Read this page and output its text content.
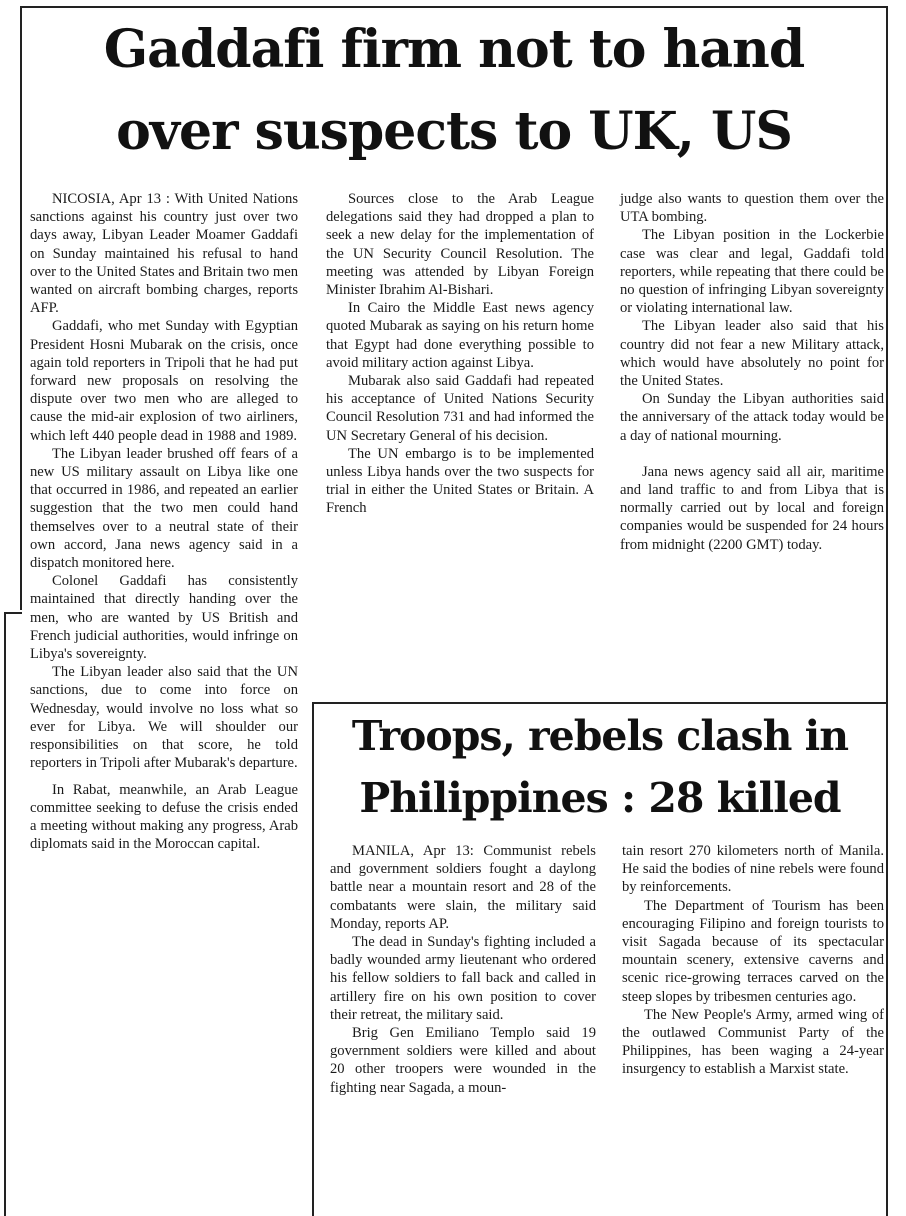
Gaddafi firm not to hand
over suspects to UK, US

NICOSIA, Apr 13 : With United Nations sanctions against his country just over two days away, Libyan Leader Moamer Gaddafi on Sunday maintained his refusal to hand over to the United States and Britain two men wanted on aircraft bombing charges, reports AFP.

Gaddafi, who met Sunday with Egyptian President Hosni Mubarak on the crisis, once again told reporters in Tripoli that he had put forward new proposals on resolving the dispute over two men who are alleged to cause the mid-air explosion of two airliners, which left 440 people dead in 1988 and 1989.

The Libyan leader brushed off fears of a new US military assault on Libya like one that occurred in 1986, and repeated an earlier suggestion that the two men could hand themselves over to a neutral state of their own accord, Jana news agency said in a dispatch monitored here.

Colonel Gaddafi has consistently maintained that directly handing over the men, who are wanted by US British and French judicial authorities, would infringe on Libya's sovereignty.

The Libyan leader also said that the UN sanctions, due to come into force on Wednesday, would involve no loss what so ever for Libya. We will shoulder our responsibilities on that score, he told reporters in Tripoli after Mubarak's departure.

In Rabat, meanwhile, an Arab League committee seeking to defuse the crisis ended a meeting without making any progress, Arab diplomats said in the Moroccan capital.

Sources close to the Arab League delegations said they had dropped a plan to seek a new delay for the implementation of the UN Security Council Resolution. The meeting was attended by Libyan Foreign Minister Ibrahim Al-Bishari.

In Cairo the Middle East news agency quoted Mubarak as saying on his return home that Egypt had done everything possible to avoid military action against Libya.

Mubarak also said Gaddafi had repeated his acceptance of United Nations Security Council Resolution 731 and had informed the UN Secretary General of his decision.

The UN embargo is to be implemented unless Libya hands over the two suspects for trial in either the United States or Britain. A French

judge also wants to question them over the UTA bombing.

The Libyan position in the Lockerbie case was clear and legal, Gaddafi told reporters, while repeating that there could be no question of infringing Libyan sovereignty or violating international law.

The Libyan leader also said that his country did not fear a new Military attack, which would have absolutely no point for the United States.

On Sunday the Libyan authorities said the anniversary of the attack today would be a day of national mourning.

Jana news agency said all air, maritime and land traffic to and from Libya that is normally carried out by local and foreign companies would be suspended for 24 hours from midnight (2200 GMT) today.

Troops, rebels clash in
Philippines : 28 killed

MANILA, Apr 13: Communist rebels and government soldiers fought a daylong battle near a mountain resort and 28 of the combatants were slain, the military said Monday, reports AP.

The dead in Sunday's fighting included a badly wounded army lieutenant who ordered his fellow soldiers to fall back and called in artillery fire on his own position to cover their retreat, the military said.

Brig Gen Emiliano Templo said 19 government soldiers were killed and about 20 other troopers were wounded in the fighting near Sagada, a moun-

tain resort 270 kilometers north of Manila. He said the bodies of nine rebels were found by reinforcements.

The Department of Tourism has been encouraging Filipino and foreign tourists to visit Sagada because of its spectacular mountain scenery, extensive caverns and scenic rice-growing terraces carved on the steep slopes by tribesmen centuries ago.

The New People's Army, armed wing of the outlawed Communist Party of the Philippines, has been waging a 24-year insurgency to establish a Marxist state.
